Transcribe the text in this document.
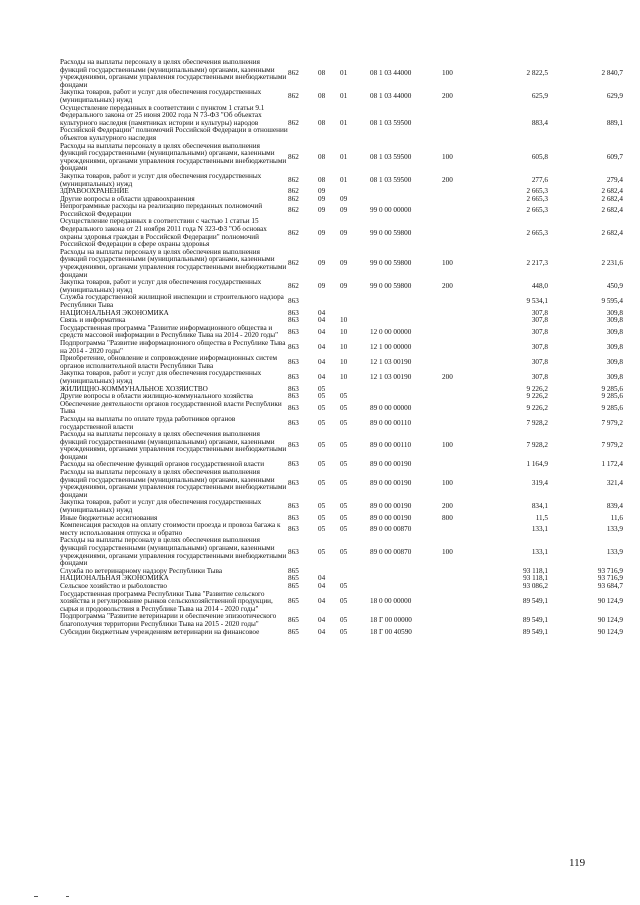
Расходы на выплаты персоналу в целях обеспечения выполнения функций государственными (муниципальными) органами, казенными учреждениями, органами управления государственными внебюджетными фондами	862	08	01	08 1 03 44000	100	2 822,5	2 840,7
Закупка товаров, работ и услуг для обеспечения государственных (муниципальных) нужд	862	08	01	08 1 03 44000	200	625,9	629,9
Осуществление переданных в соответствии с пунктом 1 статьи 9.1 Федерального закона от 25 июня 2002 года N 73-ФЗ "Об объектах культурного наследия (памятниках истории и культуры) народов Российской Федерации" полномочий Российской Федерации в отношении объектов культурного наследия	862	08	01	08 1 03 59500		883,4	889,1
Расходы на выплаты персоналу в целях обеспечения выполнения функций государственными (муниципальными) органами, казенными учреждениями, органами управления государственными внебюджетными фондами	862	08	01	08 1 03 59500	100	605,8	609,7
Закупка товаров, работ и услуг для обеспечения государственных (муниципальных) нужд	862	08	01	08 1 03 59500	200	277,6	279,4
ЗДРАВООХРАНЕНИЕ	862	09				2 665,3	2 682,4
Другие вопросы в области здравоохранения	862	09	09			2 665,3	2 682,4
Непрограммные расходы на реализацию переданных полномочий Российской Федерации	862	09	09	99 0 00 00000		2 665,3	2 682,4
Осуществление переданных в соответствии с частью 1 статьи 15 Федерального закона от 21 ноября 2011 года N 323-ФЗ "Об основах охраны здоровья граждан в Российской Федерации" полномочий Российской Федерации в сфере охраны здоровья	862	09	09	99 0 00 59800		2 665,3	2 682,4
Расходы на выплаты персоналу в целях обеспечения выполнения функций государственными (муниципальными) органами, казенными учреждениями, органами управления государственными внебюджетными фондами	862	09	09	99 0 00 59800	100	2 217,3	2 231,6
Закупка товаров, работ и услуг для обеспечения государственных (муниципальных) нужд	862	09	09	99 0 00 59800	200	448,0	450,9
Служба государственной жилищной инспекции и строительного надзора Республики Тыва	863					9 534,1	9 595,4
НАЦИОНАЛЬНАЯ ЭКОНОМИКА	863	04				307,8	309,8
Связь и информатика	863	04	10			307,8	309,8
Государственная программа "Развитие информационного общества и средств массовой информации в Республике Тыва на 2014 - 2020 годы"	863	04	10	12 0 00 00000		307,8	309,8
Подпрограмма "Развитие информационного общества в Республике Тыва на 2014 - 2020 годы"	863	04	10	12 1 00 00000		307,8	309,8
Приобретение, обновление и сопровождение информационных систем органов исполнительной власти Республики Тыва	863	04	10	12 1 03 00190		307,8	309,8
Закупка товаров, работ и услуг для обеспечения государственных (муниципальных) нужд	863	04	10	12 1 03 00190	200	307,8	309,8
ЖИЛИЩНО-КОММУНАЛЬНОЕ ХОЗЯЙСТВО	863	05				9 226,2	9 285,6
Другие вопросы в области жилищно-коммунального хозяйства	863	05	05			9 226,2	9 285,6
Обеспечение деятельности органов государственной власти Республики Тыва	863	05	05	89 0 00 00000		9 226,2	9 285,6
Расходы на выплаты по оплате труда работников органов государственной власти	863	05	05	89 0 00 00110		7 928,2	7 979,2
Расходы на выплаты персоналу в целях обеспечения выполнения функций государственными (муниципальными) органами, казенными учреждениями, органами управления государственными внебюджетными фондами	863	05	05	89 0 00 00110	100	7 928,2	7 979,2
Расходы на обеспечение функций органов государственной власти	863	05	05	89 0 00 00190		1 164,9	1 172,4
Расходы на выплаты персоналу в целях обеспечения выполнения функций государственными (муниципальными) органами, казенными учреждениями, органами управления государственными внебюджетными фондами	863	05	05	89 0 00 00190	100	319,4	321,4
Закупка товаров, работ и услуг для обеспечения государственных (муниципальных) нужд	863	05	05	89 0 00 00190	200	834,1	839,4
Иные бюджетные ассигнования	863	05	05	89 0 00 00190	800	11,5	11,6
Компенсация расходов на оплату стоимости проезда и провоза багажа к месту использования отпуска и обратно	863	05	05	89 0 00 00870		133,1	133,9
Расходы на выплаты персоналу в целях обеспечения выполнения функций государственными (муниципальными) органами, казенными учреждениями, органами управления государственными внебюджетными фондами	863	05	05	89 0 00 00870	100	133,1	133,9
Служба по ветеринарному надзору Республики Тыва	865					93 118,1	93 716,9
НАЦИОНАЛЬНАЯ ЭКОНОМИКА	865	04				93 118,1	93 716,9
Сельское хозяйство и рыболовство	865	04	05			93 086,2	93 684,7
Государственная программа Республики Тыва "Развитие сельского хозяйства и регулирование рынков сельскохозяйственной продукции, сырья и продовольствия в Республике Тыва на 2014 - 2020 годы"	865	04	05	18 0 00 00000		89 549,1	90 124,9
Подпрограмма "Развитие ветеринарии и обеспечение эпизоотического благополучия территории Республики Тыва на 2015 - 2020 годы"	865	04	05	18 Г 00 00000		89 549,1	90 124,9
Субсидии бюджетным учреждениям ветеринарии на финансовое	865	04	05	18 Г 00 40590		89 549,1	90 124,9
119
